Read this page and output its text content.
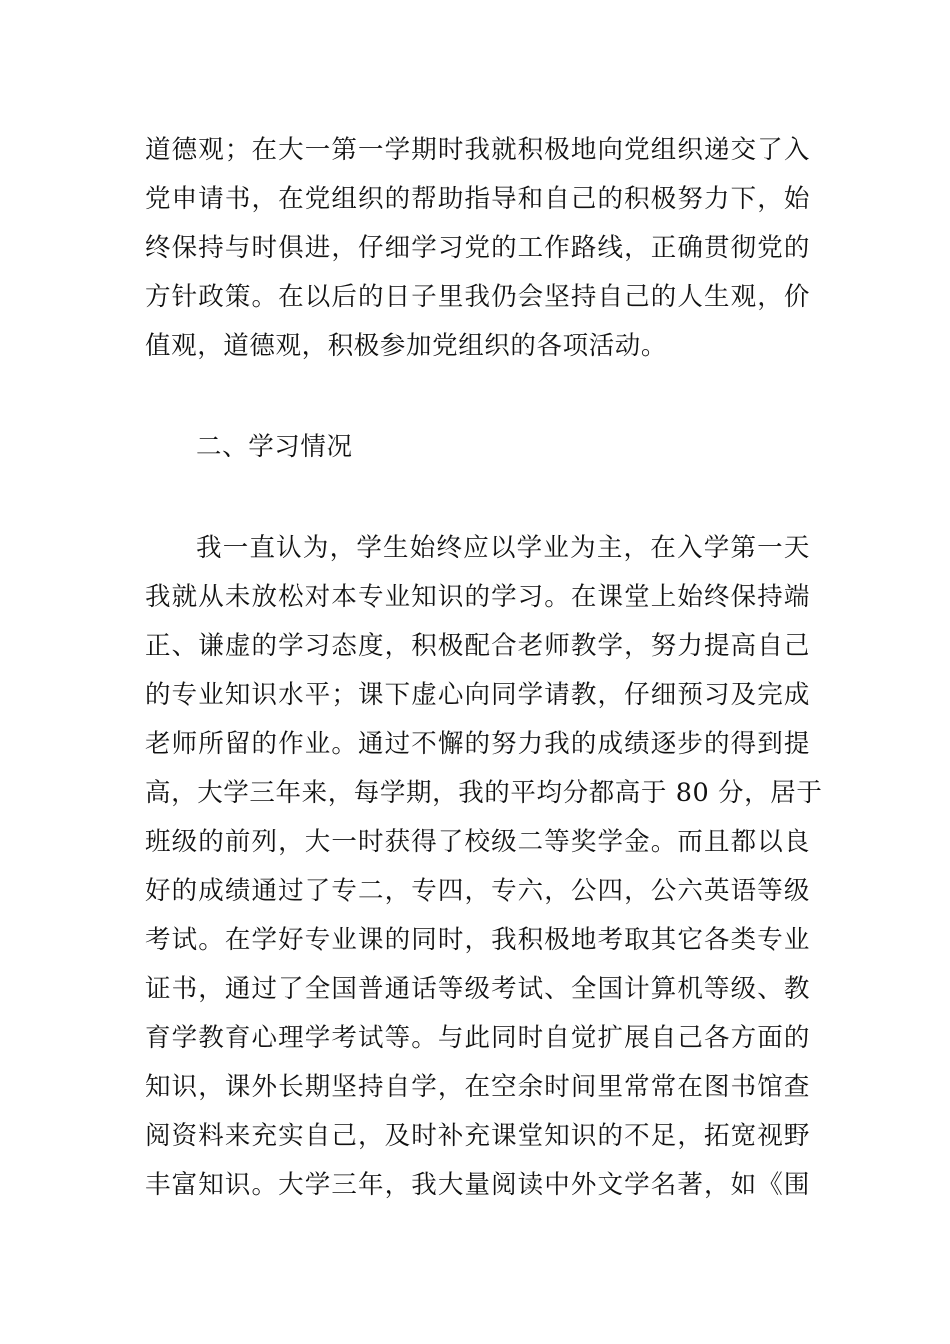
道德观；在大一第一学期时我就积极地向党组织递交了入
党申请书，在党组织的帮助指导和自己的积极努力下，始
终保持与时俱进，仔细学习党的工作路线，正确贯彻党的
方针政策。在以后的日子里我仍会坚持自己的人生观，价
值观，道德观，积极参加党组织的各项活动。
二、学习情况
我一直认为，学生始终应以学业为主，在入学第一天
我就从未放松对本专业知识的学习。在课堂上始终保持端
正、谦虚的学习态度，积极配合老师教学，努力提高自己
的专业知识水平；课下虚心向同学请教，仔细预习及完成
老师所留的作业。通过不懈的努力我的成绩逐步的得到提
高，大学三年来，每学期，我的平均分都高于 80 分，居于
班级的前列，大一时获得了校级二等奖学金。而且都以良
好的成绩通过了专二，专四，专六，公四，公六英语等级
考试。在学好专业课的同时，我积极地考取其它各类专业
证书，通过了全国普通话等级考试、全国计算机等级、教
育学教育心理学考试等。与此同时自觉扩展自己各方面的
知识，课外长期坚持自学，在空余时间里常常在图书馆查
阅资料来充实自己，及时补充课堂知识的不足，拓宽视野
丰富知识。大学三年，我大量阅读中外文学名著，如《围
